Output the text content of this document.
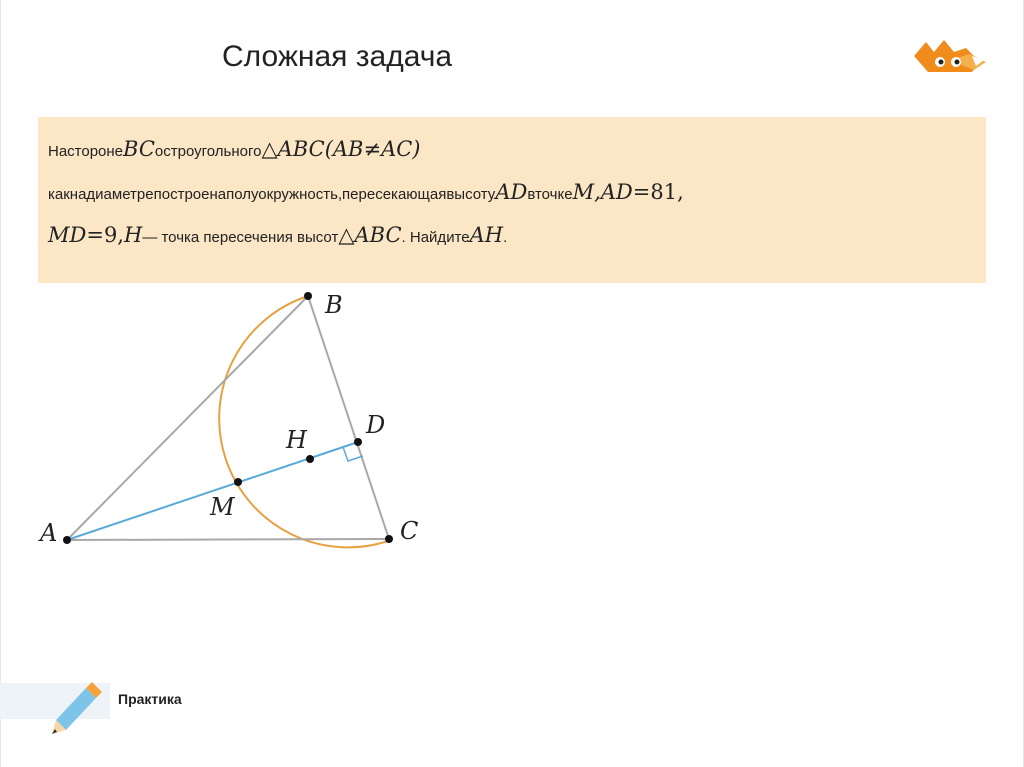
Сложная задача
НасторонеBCостроугольного△ABC(AB≠AC)
какнадиаметрепостроенаполуокружность,пересекающаявысотуADвточкеM,AD=81,
MD=9,H— точка пересечения высот△ABC. НайдитеAH.
A
B
C
D
H
M
Практика
